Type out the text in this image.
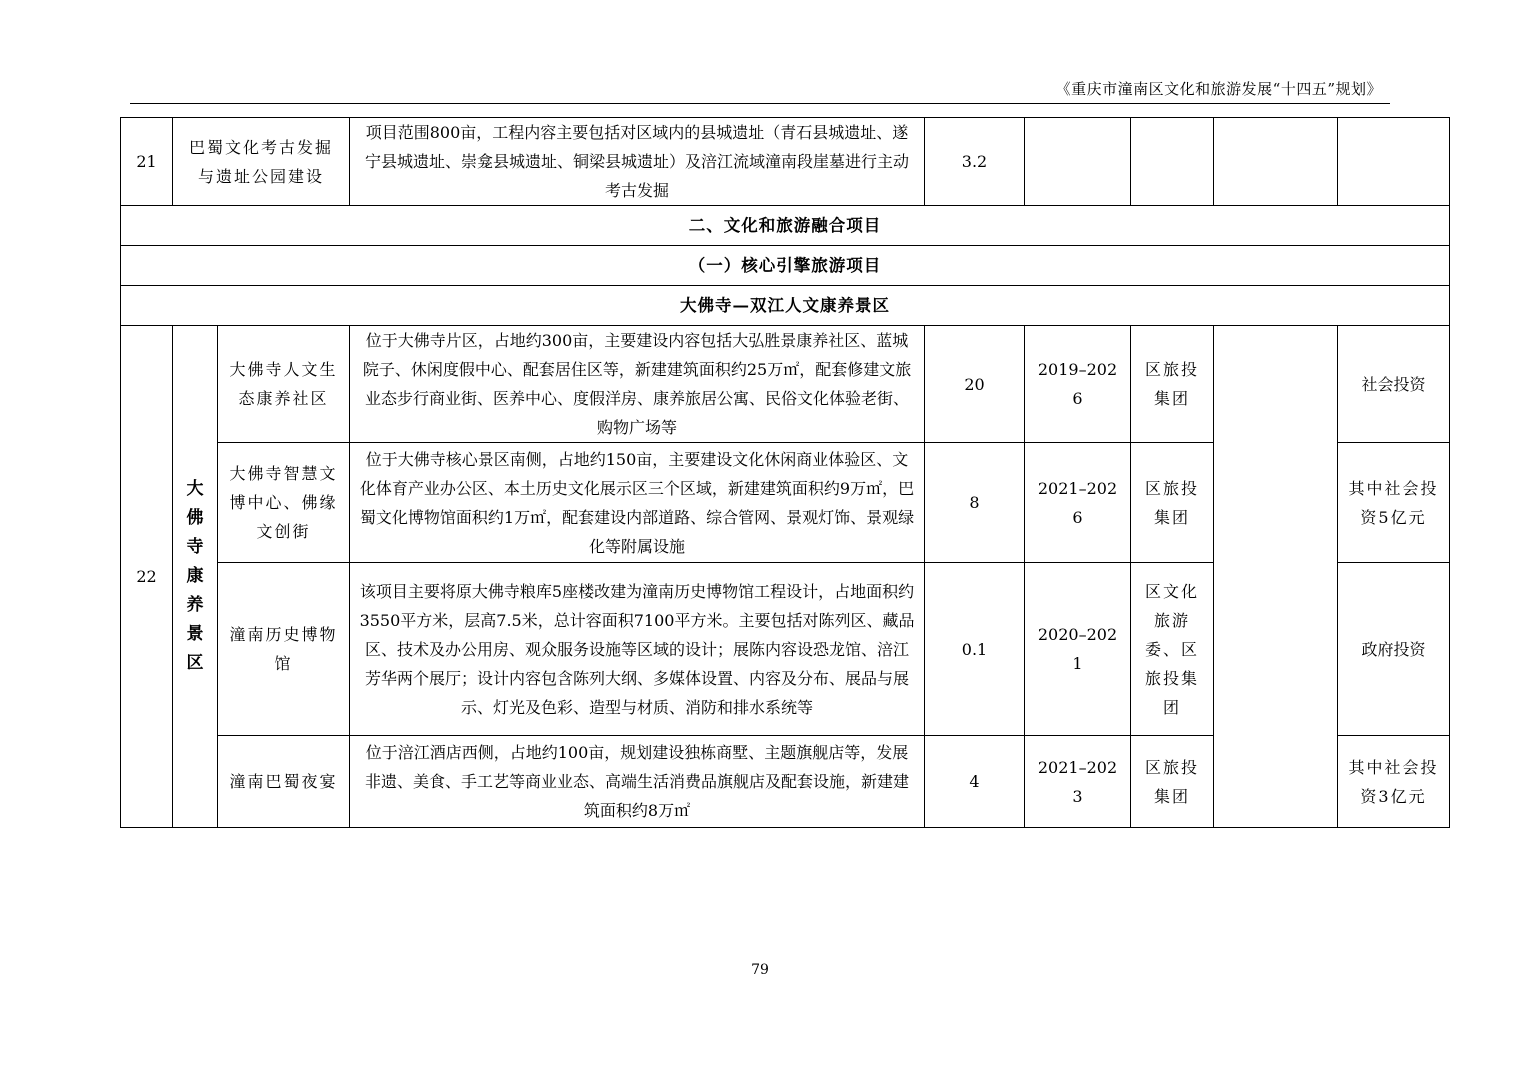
《重庆市潼南区文化和旅游发展“十四五”规划》
21	巴蜀文化考古发掘与遗址公园建设		项目范围800亩，工程内容主要包括对区域内的县城遗址（青石县城遗址、遂宁县城遗址、崇龛县城遗址、铜梁县城遗址）及涪江流域潼南段崖墓进行主动考古发掘	3.2				
二、文化和旅游融合项目								
（一）核心引擎旅游项目								
大佛寺—双江人文康养景区								
22	大佛寺康养景区	大佛寺人文生态康养社区	位于大佛寺片区，占地约300亩，主要建设内容包括大弘胜景康养社区、蓝城院子、休闲度假中心、配套居住区等，新建建筑面积约25万㎡，配套修建文旅业态步行商业街、医养中心、度假洋房、康养旅居公寓、民俗文化体验老街、购物广场等	20	2019–2026	区旅投集团		社会投资
		大佛寺智慧文博中心、佛缘文创街	位于大佛寺核心景区南侧，占地约150亩，主要建设文化休闲商业体验区、文化体育产业办公区、本土历史文化展示区三个区域，新建建筑面积约9万㎡，巴蜀文化博物馆面积约1万㎡，配套建设内部道路、综合管网、景观灯饰、景观绿化等附属设施	8	2021–2026	区旅投集团		其中社会投资5亿元
		潼南历史博物馆	该项目主要将原大佛寺粮库5座楼改建为潼南历史博物馆工程设计，占地面积约3550平方米，层高7.5米，总计容面积7100平方米。主要包括对陈列区、藏品区、技术及办公用房、观众服务设施等区域的设计；展陈内容设恐龙馆、涪江芳华两个展厅；设计内容包含陈列大纲、多媒体设置、内容及分布、展品与展示、灯光及色彩、造型与材质、消防和排水系统等	0.1	2020–2021	区文化旅游委、区旅投集团		政府投资
		潼南巴蜀夜宴	位于涪江酒店西侧，占地约100亩，规划建设独栋商墅、主题旗舰店等，发展非遗、美食、手工艺等商业业态、高端生活消费品旗舰店及配套设施，新建建筑面积约8万㎡	4	2021–2023	区旅投集团		其中社会投资3亿元
79
